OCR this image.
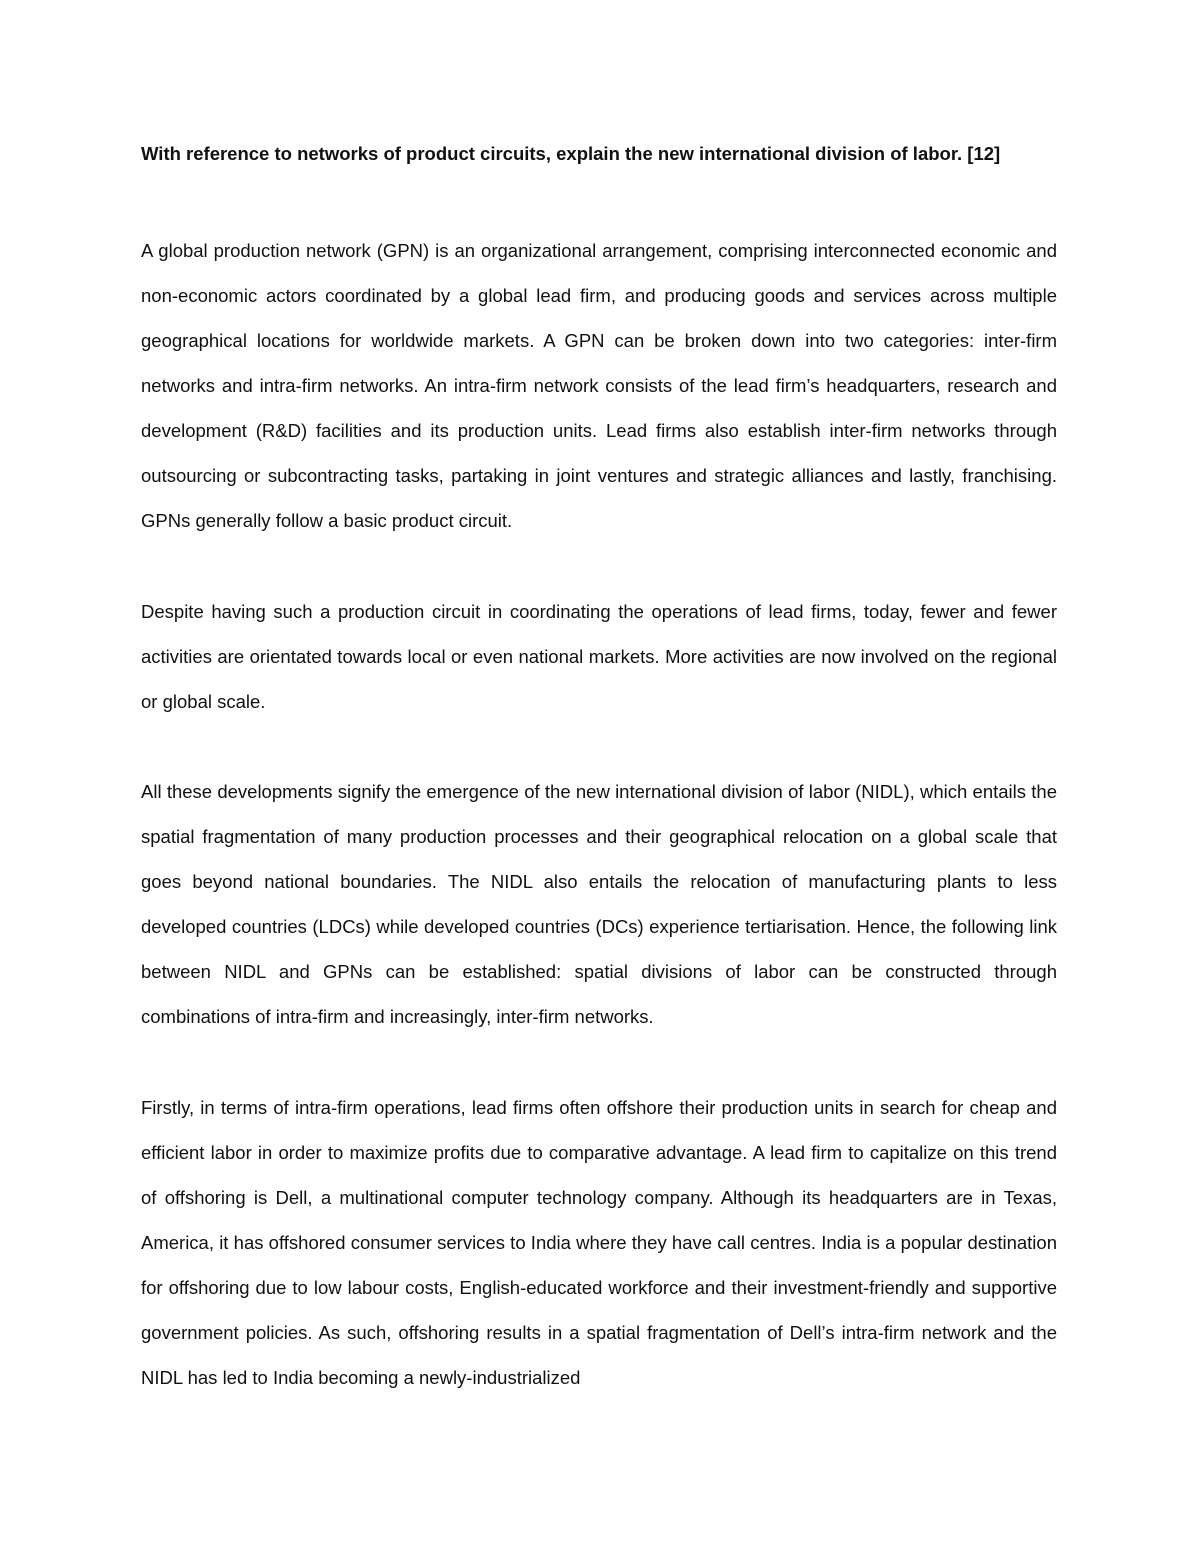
With reference to networks of product circuits, explain the new international division of labor. [12]

A global production network (GPN) is an organizational arrangement, comprising interconnected economic and non-economic actors coordinated by a global lead firm, and producing goods and services across multiple geographical locations for worldwide markets. A GPN can be broken down into two categories: inter-firm networks and intra-firm networks. An intra-firm network consists of the lead firm’s headquarters, research and development (R&D) facilities and its production units. Lead firms also establish inter-firm networks through outsourcing or subcontracting tasks, partaking in joint ventures and strategic alliances and lastly, franchising. GPNs generally follow a basic product circuit.

Despite having such a production circuit in coordinating the operations of lead firms, today, fewer and fewer activities are orientated towards local or even national markets. More activities are now involved on the regional or global scale.

All these developments signify the emergence of the new international division of labor (NIDL), which entails the spatial fragmentation of many production processes and their geographical relocation on a global scale that goes beyond national boundaries. The NIDL also entails the relocation of manufacturing plants to less developed countries (LDCs) while developed countries (DCs) experience tertiarisation. Hence, the following link between NIDL and GPNs can be established: spatial divisions of labor can be constructed through combinations of intra-firm and increasingly, inter-firm networks.

Firstly, in terms of intra-firm operations, lead firms often offshore their production units in search for cheap and efficient labor in order to maximize profits due to comparative advantage. A lead firm to capitalize on this trend of offshoring is Dell, a multinational computer technology company. Although its headquarters are in Texas, America, it has offshored consumer services to India where they have call centres. India is a popular destination for offshoring due to low labour costs, English-educated workforce and their investment-friendly and supportive government policies. As such, offshoring results in a spatial fragmentation of Dell’s intra-firm network and the NIDL has led to India becoming a newly-industrialized
